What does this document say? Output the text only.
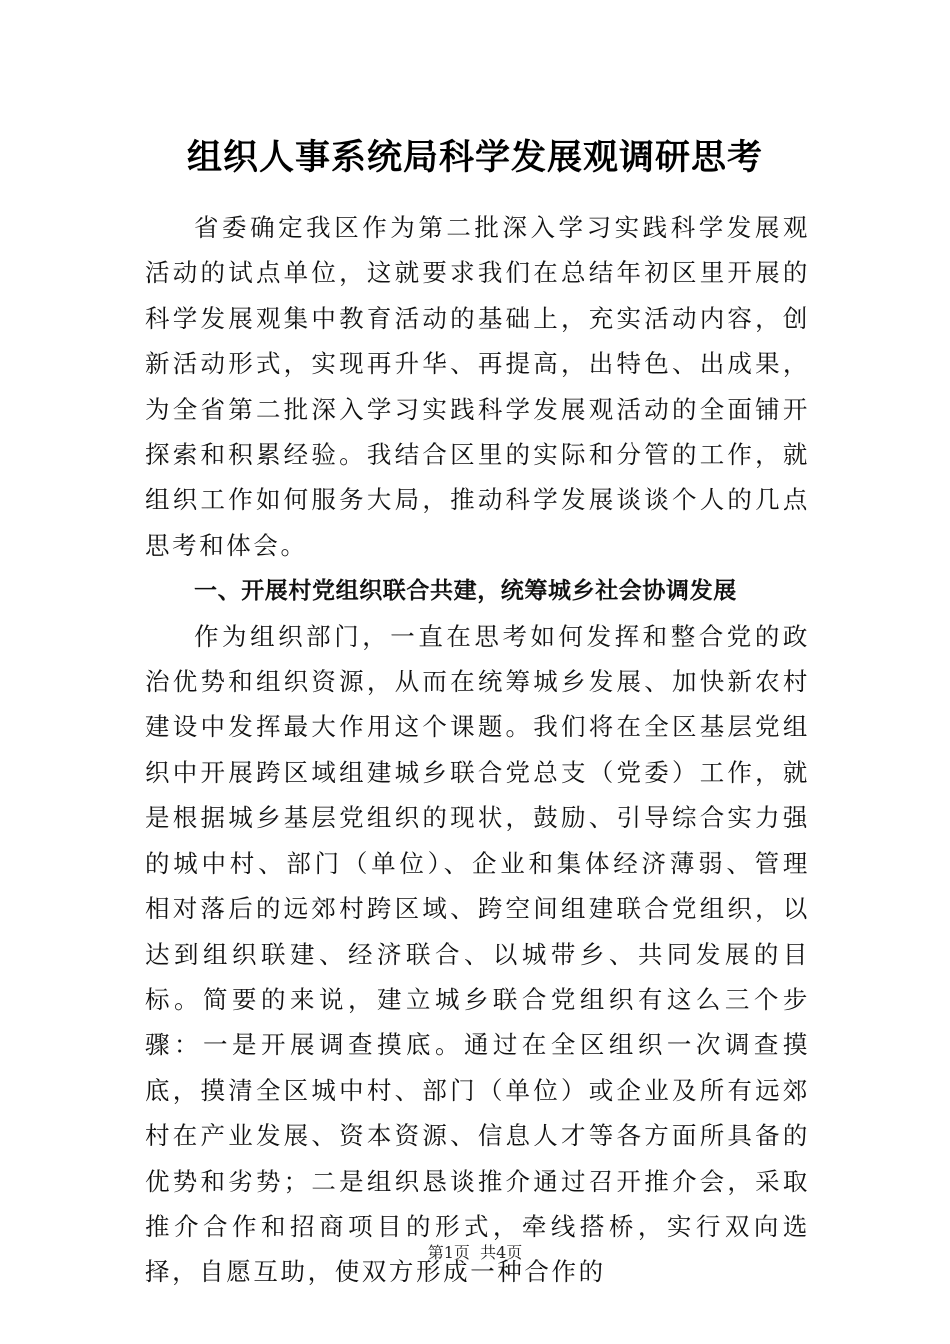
组织人事系统局科学发展观调研思考

省委确定我区作为第二批深入学习实践科学发展观活动的试点单位，这就要求我们在总结年初区里开展的科学发展观集中教育活动的基础上，充实活动内容，创新活动形式，实现再升华、再提高，出特色、出成果，为全省第二批深入学习实践科学发展观活动的全面铺开探索和积累经验。我结合区里的实际和分管的工作，就组织工作如何服务大局，推动科学发展谈谈个人的几点思考和体会。

一、开展村党组织联合共建，统筹城乡社会协调发展

作为组织部门，一直在思考如何发挥和整合党的政治优势和组织资源，从而在统筹城乡发展、加快新农村建设中发挥最大作用这个课题。我们将在全区基层党组织中开展跨区域组建城乡联合党总支（党委）工作，就是根据城乡基层党组织的现状，鼓励、引导综合实力强的城中村、部门（单位）、企业和集体经济薄弱、管理相对落后的远郊村跨区域、跨空间组建联合党组织，以达到组织联建、经济联合、以城带乡、共同发展的目标。简要的来说，建立城乡联合党组织有这么三个步骤：一是开展调查摸底。通过在全区组织一次调查摸底，摸清全区城中村、部门（单位）或企业及所有远郊村在产业发展、资本资源、信息人才等各方面所具备的优势和劣势；二是组织恳谈推介通过召开推介会，采取推介合作和招商项目的形式，牵线搭桥，实行双向选择，自愿互助，使双方形成一种合作的

第1页  共4页
